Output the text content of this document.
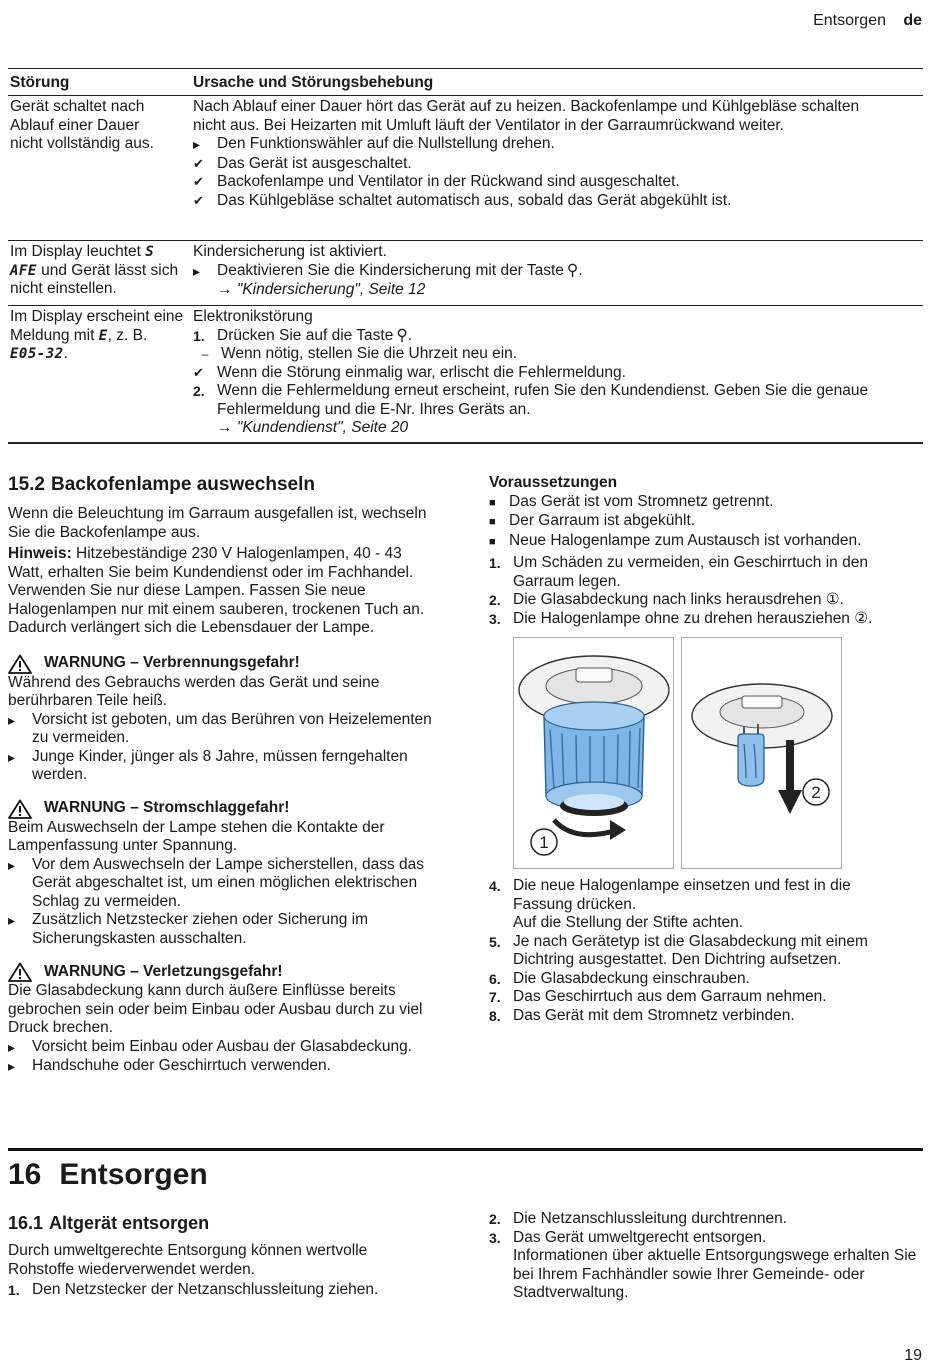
Entsorgen de
Störung	Ursache und Störungsbehebung

Gerät schaltet nach Ablauf einer Dauer nicht vollständig aus.

Nach Ablauf einer Dauer hört das Gerät auf zu heizen. Backofenlampe und Kühlgebläse schalten nicht aus. Bei Heizarten mit Umluft läuft der Ventilator in der Garraumrückwand weiter.

▸
Den Funktionswähler auf die Nullstellung drehen.
✔
Das Gerät ist ausgeschaltet.
✔
Backofenlampe und Ventilator in der Rückwand sind ausgeschaltet.
✔
Das Kühlgebläse schaltet automatisch aus, sobald das Gerät abgekühlt ist.

Im Display leuchtet S AFE und Gerät lässt sich nicht einstellen.

Kindersicherung ist aktiviert.

▸
Deaktivieren Sie die Kindersicherung mit der Taste ⚲.
→ "Kindersicherung", Seite 12

Im Display erscheint eine Meldung mit E, z. B. E05-32.

Elektronikstörung

1. Drücken Sie auf die Taste ⚲.
– Wenn nötig, stellen Sie die Uhrzeit neu ein.
✔
Wenn die Störung einmalig war, erlischt die Fehlermeldung.
2. Wenn die Fehlermeldung erneut erscheint, rufen Sie den Kundendienst. Geben Sie die genaue Fehlermeldung und die E-Nr. Ihres Geräts an.
→ "Kundendienst", Seite 20
15.2 Backofenlampe auswechseln

Wenn die Beleuchtung im Garraum ausgefallen ist, wechseln Sie die Backofenlampe aus.

Hinweis: Hitzebeständige 230 V Halogenlampen, 40 - 43 Watt, erhalten Sie beim Kundendienst oder im Fachhandel. Verwenden Sie nur diese Lampen. Fassen Sie neue Halogenlampen nur mit einem sauberen, trockenen Tuch an. Dadurch verlängert sich die Lebensdauer der Lampe.

WARNUNG – Verbrennungsgefahr!

Während des Gebrauchs werden das Gerät und seine berührbaren Teile heiß.

▸
Vorsicht ist geboten, um das Berühren von Heizelementen zu vermeiden.
▸
Junge Kinder, jünger als 8 Jahre, müssen ferngehalten werden.
WARNUNG – Stromschlaggefahr!

Beim Auswechseln der Lampe stehen die Kontakte der Lampenfassung unter Spannung.

▸
Vor dem Auswechseln der Lampe sicherstellen, dass das Gerät abgeschaltet ist, um einen möglichen elektrischen Schlag zu vermeiden.
▸
Zusätzlich Netzstecker ziehen oder Sicherung im Sicherungskasten ausschalten.
WARNUNG – Verletzungsgefahr!

Die Glasabdeckung kann durch äußere Einflüsse bereits gebrochen sein oder beim Einbau oder Ausbau durch zu viel Druck brechen.

▸
Vorsicht beim Einbau oder Ausbau der Glasabdeckung.
▸
Handschuhe oder Geschirrtuch verwenden.
Voraussetzungen
■
Das Gerät ist vom Stromnetz getrennt.
■
Der Garraum ist abgekühlt.
■
Neue Halogenlampe zum Austausch ist vorhanden.
1. Um Schäden zu vermeiden, ein Geschirrtuch in den Garraum legen.
2. Die Glasabdeckung nach links herausdrehen ①.
3. Die Halogenlampe ohne zu drehen herausziehen ②.
1
2
4. Die neue Halogenlampe einsetzen und fest in die Fassung drücken.

Auf die Stellung der Stifte achten.

5. Je nach Gerätetyp ist die Glasabdeckung mit einem Dichtring ausgestattet. Den Dichtring aufsetzen.
6. Die Glasabdeckung einschrauben.
7. Das Geschirrtuch aus dem Garraum nehmen.
8. Das Gerät mit dem Stromnetz verbinden.
16 Entsorgen
16.1 Altgerät entsorgen

Durch umweltgerechte Entsorgung können wertvolle Rohstoffe wiederverwendet werden.

1. Den Netzstecker der Netzanschlussleitung ziehen.
2. Die Netzanschlussleitung durchtrennen.
3. Das Gerät umweltgerecht entsorgen.

Informationen über aktuelle Entsorgungswege erhalten Sie bei Ihrem Fachhändler sowie Ihrer Gemeinde- oder Stadtverwaltung.

19
